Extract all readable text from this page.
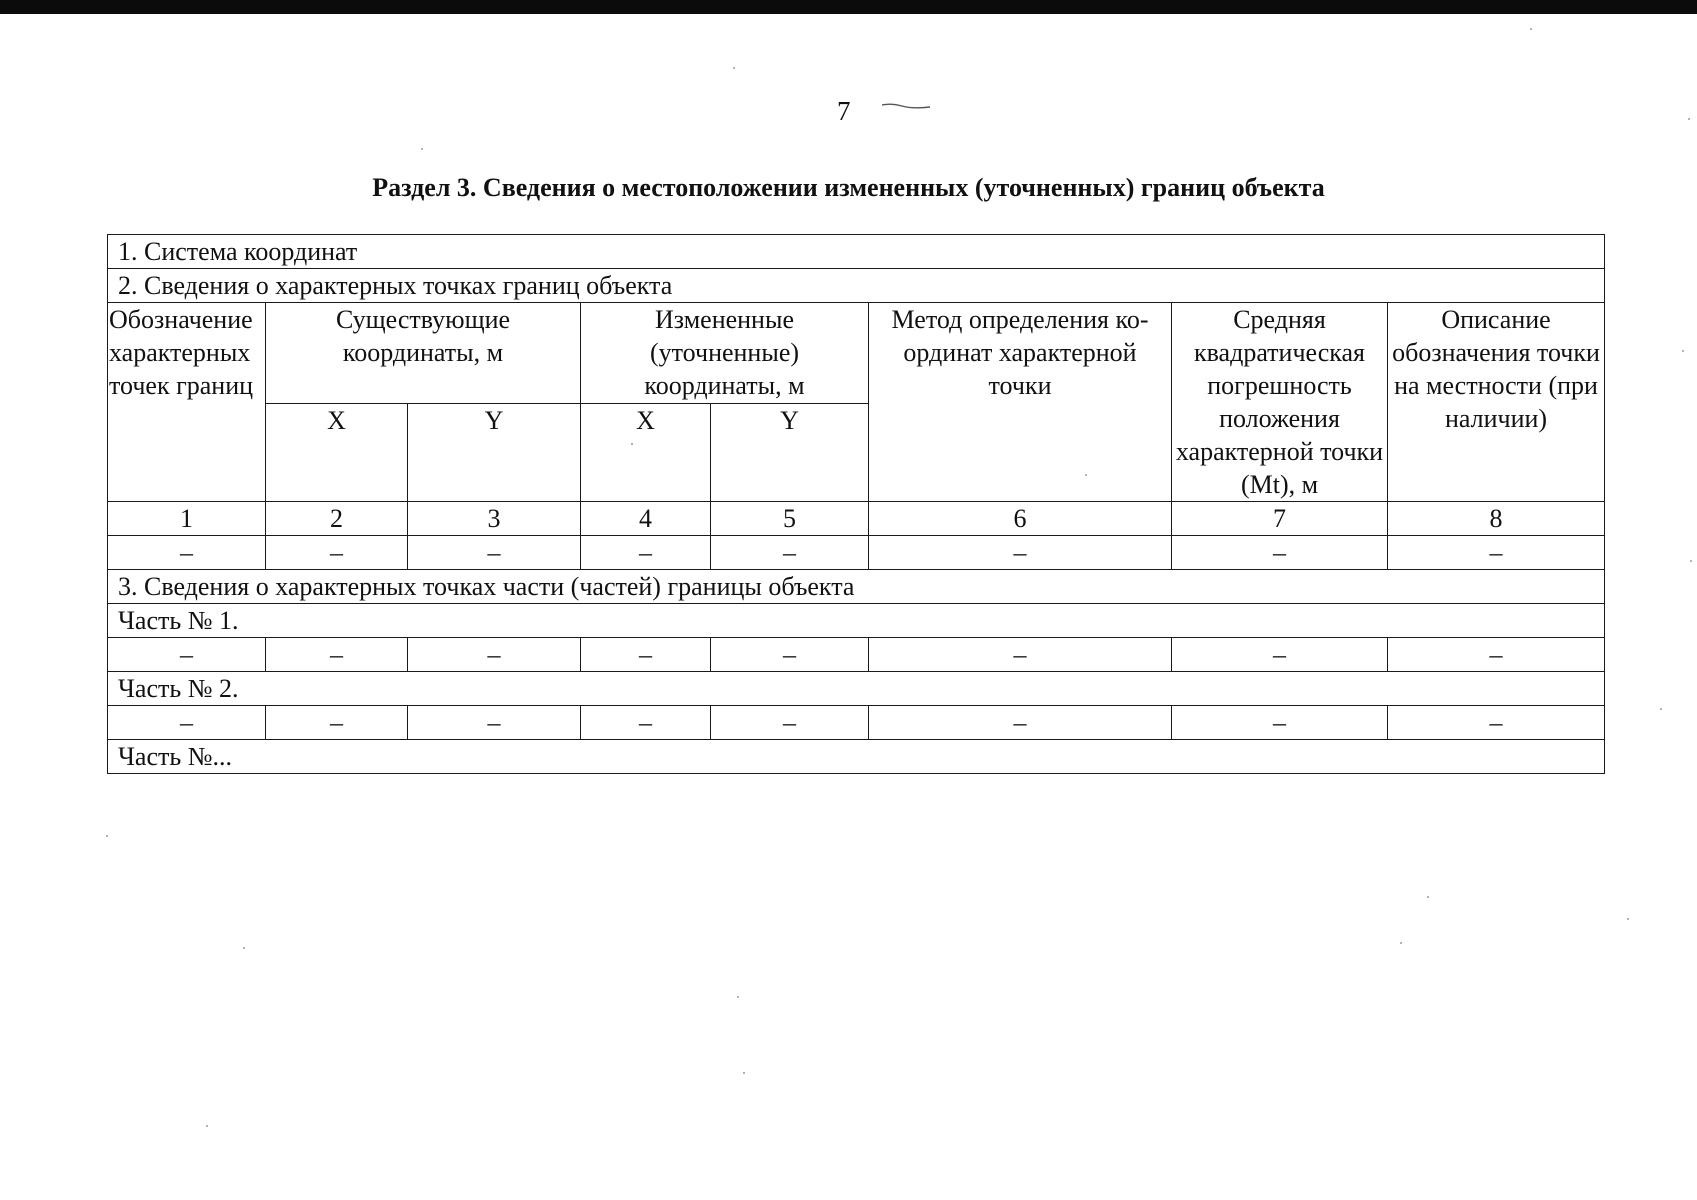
7
Раздел 3. Сведения о местоположении измененных (уточненных) границ объекта
1. Система координат							
2. Сведения о характерных точках границ объекта							
Обозначение характерных точек границ	Существующие координаты, м		Измененные (уточненные) координаты, м		Метод определения ко-ординат характерной точки	Средняя квадратическая погрешность положения характерной точки (Mt), м	Описание обозначения точки на местности (при наличии)
	X	Y	X	Y			
1	2	3	4	5	6	7	8
–	–	–	–	–	–	–	–
3. Сведения о характерных точках части (частей) границы объекта							
Часть № 1.							
–	–	–	–	–	–	–	–
Часть № 2.							
–	–	–	–	–	–	–	–
Часть №...							
